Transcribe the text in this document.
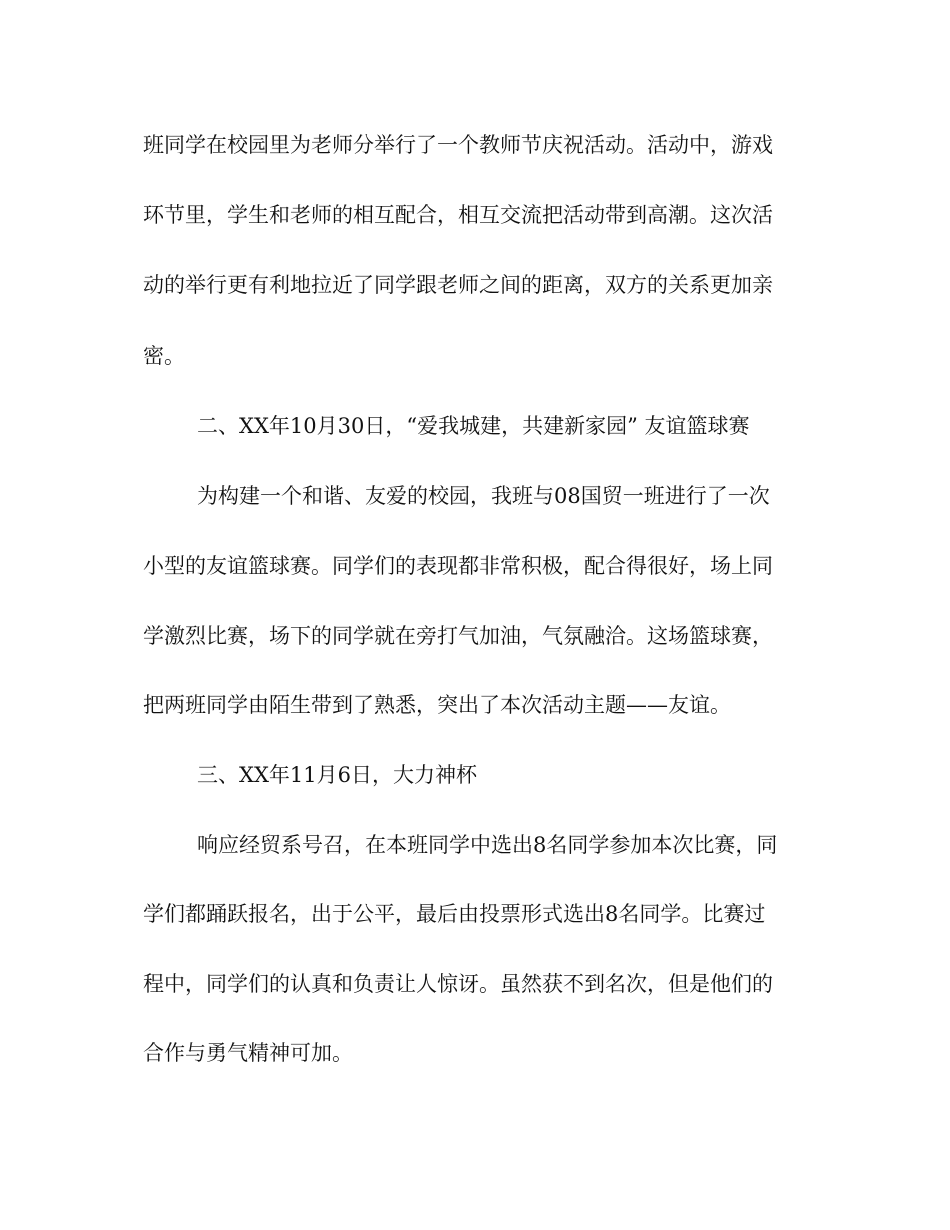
班同学在校园里为老师分举行了一个教师节庆祝活动。活动中，游戏
环节里，学生和老师的相互配合，相互交流把活动带到高潮。这次活
动的举行更有利地拉近了同学跟老师之间的距离，双方的关系更加亲
密。
二、XX年10月30日，“爱我城建，共建新家园” 友谊篮球赛
为构建一个和谐、友爱的校园，我班与08国贸一班进行了一次
小型的友谊篮球赛。同学们的表现都非常积极，配合得很好，场上同
学激烈比赛，场下的同学就在旁打气加油，气氛融洽。这场篮球赛，
把两班同学由陌生带到了熟悉，突出了本次活动主题——友谊。
三、XX年11月6日，大力神杯
响应经贸系号召，在本班同学中选出8名同学参加本次比赛，同
学们都踊跃报名，出于公平，最后由投票形式选出8名同学。比赛过
程中，同学们的认真和负责让人惊讶。虽然获不到名次，但是他们的
合作与勇气精神可加。
